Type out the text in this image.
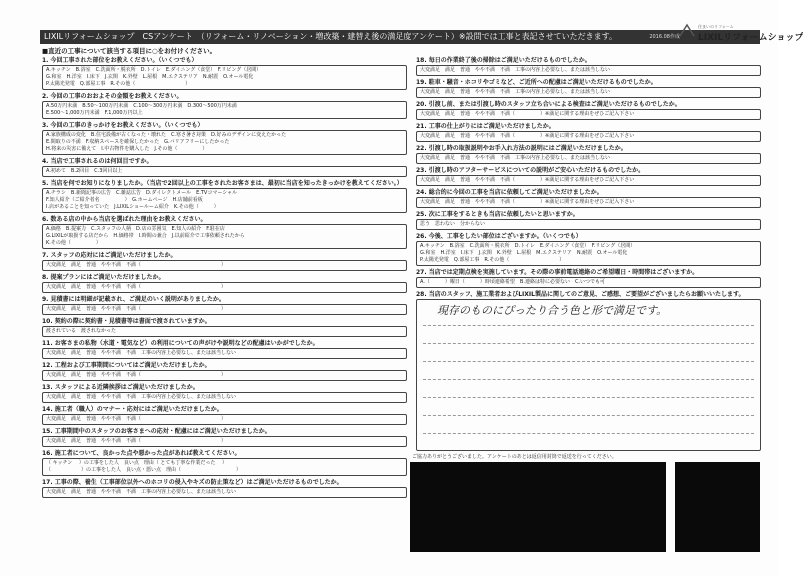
LIXILリフォームショップ　CSアンケート　（リフォーム・リノベーション・増改築・建替え後の満足度アンケート）※設問では工事と表記させていただきます。	2016.08作成
住まいのリフォーム
LIXILリフォームショップ
■直近の工事について該当する項目に○をお付けください。
1. 今回工事された部位をお教えください。（いくつでも）
A.キッチン　B.浴室　C.洗面所・脱衣所　D.トイレ　E.ダイニング（食堂）　F.リビング（居間）
G.和室　H.洋室　I.床下　J.玄関　K.外壁　L.屋根　M.エクステリア　N.耐震　O.オール電化
P.太陽光発電　Q.部屋工事　R.その他（　　　　　　　　　　）
2. 今回の工事のおおよその金額をお教えください。
A.50万円未満　B.50〜100万円未満　C.100〜300万円未満　D.300〜500万円未満
E.500〜1,000万円未満　F.1,000万円以上
3. 今回の工事のきっかけをお教えください。（いくつでも）
A.家族構成の変化　B.住宅設備が古くなった・壊れた　C.寒さ暑さ対策　D.好みのデザインに変えたかった
E.間取りの不満　F.収納スペースを確保したかった　G.バリアフリーにしたかった
H.将来の災害に備えて　I.中古物件を購入した　J.その他（　　　　　）
4. 当店で工事されるのは何回目ですか。
A.初めて　B.2回目　C.3回目以上
5. 当店を何でお知りになりましたか。（当店で2回以上の工事をされたお客さまは、最初に当店を知ったきっかけを教えてください。）
A.チラシ　B.新聞記事の広告　C.雑誌広告　D.ダイレクトメール　E.TVコマーシャル
F.知人紹介（ご紹介者名　　　　　）　G.ホームページ　H.店舗前看板
I.店があることを知っていた　J.LIXILショールーム紹介　K.その他（　　　）
6. 数ある店の中から当店を選ばれた理由をお教えください。
A.価格　B.提案力　C.スタッフの人柄　D.店の雰囲気　E.知人の紹介　F.駐在店
G.LIXILが取扱する店だから　H.価格帯　I.時間の兼合　J.以前紹介で工事依頼されたから
K.その他（　　　　　）
7. スタッフの応対にはご満足いただけましたか。
大変満足　満足　普通　やや不満　不満（　　　　　　　　　　　　　　　　）
8. 提案プランにはご満足いただけましたか。
大変満足　満足　普通　やや不満　不満（　　　　　　　　　　　　　　　　）
9. 見積書には明細が記載され、ご満足のいく説明がありましたか。
大変満足　満足　普通　やや不満　不満（　　　　　　　　　　　　　　　　）
10. 契約の際に契約書・見積書等は書面で渡されていますか。
渡されている　渡されなかった
11. お客さまの私物（水道・電気など）の利用についての声がけや説明などの配慮はいかがでしたか。
大変満足　満足　普通　やや不満　不満　工事の内容上必要なし、または該当しない
12. 工程および工事期間についてはご満足いただけましたか。
大変満足　満足　普通　やや不満　不満（　　　　　　　　　　　　　　　　）
13. スタッフによる近隣挨拶はご満足いただけましたか。
大変満足　満足　普通　やや不満　不満　工事の内容上必要なし、または該当しない
14. 施工者（職人）のマナー・応対にはご満足いただけましたか。
大変満足　満足　普通　やや不満　不満（　　　　　　　　　　　　　　　　）
15. 工事期間中のスタッフのお客さまへの応対・配慮にはご満足いただけましたか。
大変満足　満足　普通　やや不満　不満（　　　　　　　　　　　　　　　　）
16. 施工者について、良かった点や悪かった点があれば教えてください。
（ キッチン 　）の工事をした人　良い点　理由（ とても丁寧な作業だった 　）
（　　　　　　）の工事をした人　良い点・悪い点　理由（　　　　　　　　　　　）
17. 工事の際、養生（工事部位以外へのホコリの侵入やキズの防止策など）はご満足いただけるものでしたか。
大変満足　満足　普通　やや不満　不満　工事の内容上必要なし、または該当しない
18. 毎日の作業終了後の掃除はご満足いただけるものでしたか。
大変満足　満足　普通　やや不満　不満　工事の内容上必要なし、または該当しない
19. 駐車・騒音・ホコリやゴミなど、ご近所への配慮はご満足いただけるものでしたか。
大変満足　満足　普通　やや不満　不満　工事の内容上必要なし、または該当しない
20. 引渡し前、または引渡し時のスタッフ立ち合いによる検査はご満足いただけるものでしたか。
大変満足　満足　普通　やや不満　不満（　　　　　）※満足に関する理由をぜひご記入下さい
21. 工事の仕上がりにはご満足いただけましたか。
大変満足　満足　普通　やや不満　不満（　　　　　）※満足に関する理由をぜひご記入下さい
22. 引渡し時の取扱説明やお手入れ方法の説明にはご満足いただけましたか。
大変満足　満足　普通　やや不満　不満　工事の内容上必要なし、または該当しない
23. 引渡し時のアフターサービスについての説明がご安心いただけるものでしたか。
大変満足　満足　普通　やや不満　不満（　　　　　）※満足に関する理由をぜひご記入下さい
24. 総合的に今回の工事を当店に依頼してご満足いただけましたか。
大変満足　満足　普通　やや不満　不満（　　　　　）※満足に関する理由をぜひご記入下さい
25. 次に工事をするときも当店に依頼したいと思いますか。
思う　思わない　分からない
26. 今後、工事をしたい部位はございますか。（いくつでも）
A.キッチン　B.浴室　C.洗面所・脱衣所　D.トイレ　E.ダイニング（食堂）　F.リビング（居間）
G.和室　H.洋室　I.床下　J.玄関　K.外壁　L.屋根　M.エクステリア　N.耐震　O.オール電化
P.太陽光発電　Q.部屋工事　R.その他（　　　　　　　　　　）
27. 当店では定期点検を実施しています。その際の事前電話連絡のご希望曜日・時間帯はございますか。
A.（　　　）曜日（　　　）時頃連絡希望　B.連絡は特に必要ない　C.いつでも可
28. 当店のスタッフ、施工業者およびLIXIL製品に関してのご意見、ご感想、ご要望がございましたらお願いいたします。
現存のものにぴったり合う色と形で満足です。
ご協力ありがとうございました。アンケートのあとは返信用封筒で返送を行ってください。
